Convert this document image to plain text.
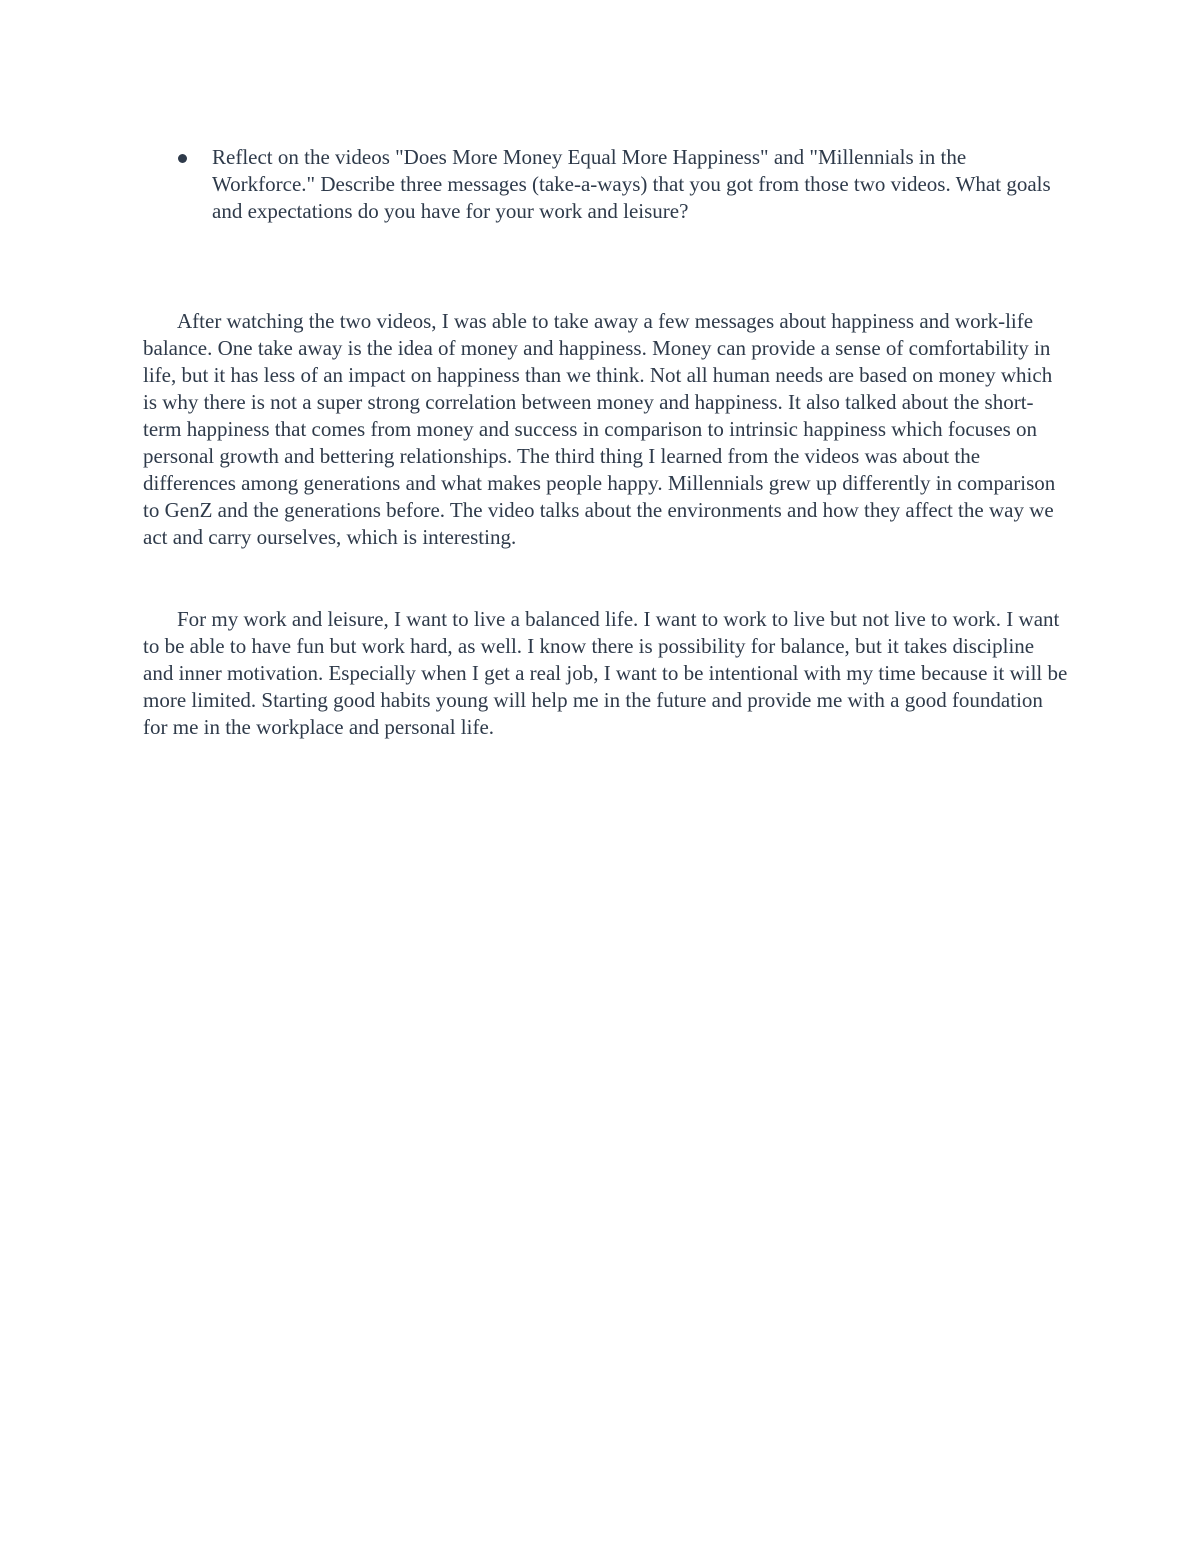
Reflect on the videos "Does More Money Equal More Happiness" and "Millennials in the Workforce." Describe three messages (take-a-ways) that you got from those two videos. What goals and expectations do you have for your work and leisure?

After watching the two videos, I was able to take away a few messages about happiness and work-life balance. One take away is the idea of money and happiness. Money can provide a sense of comfortability in life, but it has less of an impact on happiness than we think. Not all human needs are based on money which is why there is not a super strong correlation between money and happiness. It also talked about the short-term happiness that comes from money and success in comparison to intrinsic happiness which focuses on personal growth and bettering relationships. The third thing I learned from the videos was about the differences among generations and what makes people happy. Millennials grew up differently in comparison to GenZ and the generations before. The video talks about the environments and how they affect the way we act and carry ourselves, which is interesting.

For my work and leisure, I want to live a balanced life. I want to work to live but not live to work. I want to be able to have fun but work hard, as well. I know there is possibility for balance, but it takes discipline and inner motivation. Especially when I get a real job, I want to be intentional with my time because it will be more limited. Starting good habits young will help me in the future and provide me with a good foundation for me in the workplace and personal life.
